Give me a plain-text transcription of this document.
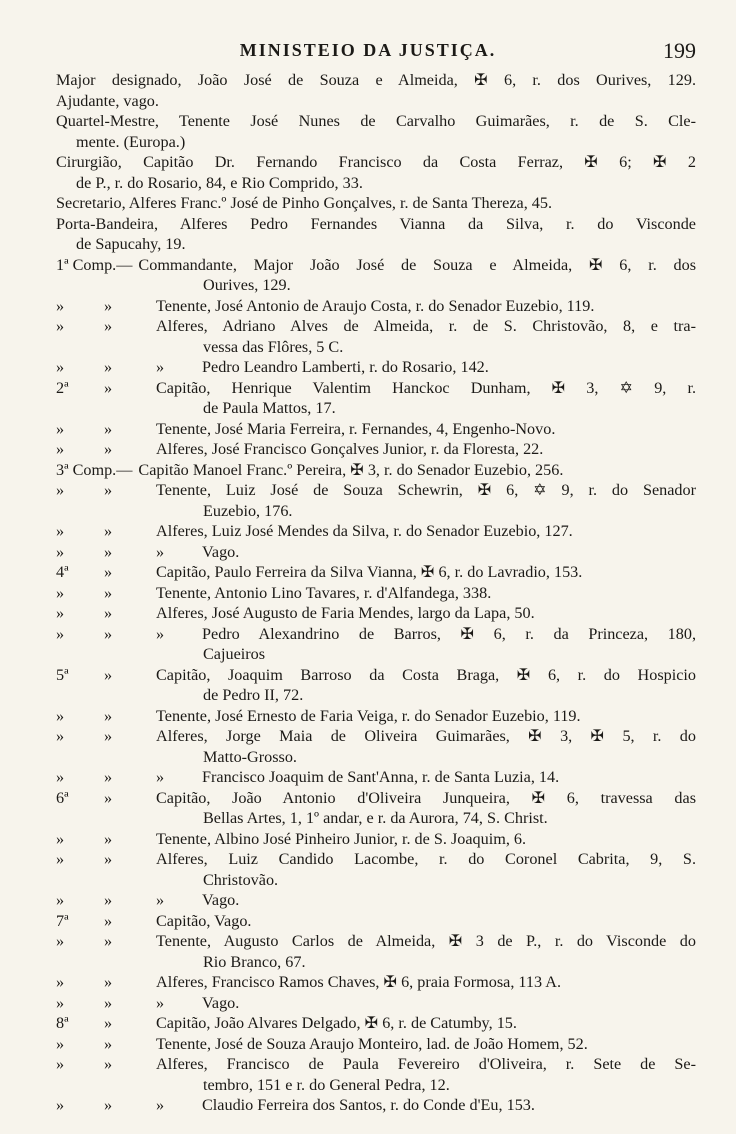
MINISTEIO DA JUSTIÇA.	199
Major designado, João José de Souza e Almeida, ✠ 6, r. dos Ourives, 129.
Ajudante, vago.
Quartel-Mestre, Tenente José Nunes de Carvalho Guimarães, r. de S. Cle-
mente. (Europa.)
Cirurgião, Capitão Dr. Fernando Francisco da Costa Ferraz, ✠ 6; ✠ 2
de P., r. do Rosario, 84, e Rio Comprido, 33.
Secretario, Alferes Franc.º José de Pinho Gonçalves, r. de Santa Thereza, 45.
Porta-Bandeira, Alferes Pedro Fernandes Vianna da Silva, r. do Visconde
de Sapucahy, 19.
1ª Comp.— Commandante, Major João José de Souza e Almeida, ✠ 6, r. dos
Ourives, 129.
»	»	Tenente, José Antonio de Araujo Costa, r. do Senador Euzebio, 119.
»	»	Alferes, Adriano Alves de Almeida, r. de S. Christovão, 8, e tra-
vessa das Flôres, 5 C.
»	»	»	Pedro Leandro Lamberti, r. do Rosario, 142.
2ª	»	Capitão, Henrique Valentim Hanckoc Dunham, ✠ 3, ✡ 9, r.
de Paula Mattos, 17.
»	»	Tenente, José Maria Ferreira, r. Fernandes, 4, Engenho-Novo.
»	»	Alferes, José Francisco Gonçalves Junior, r. da Floresta, 22.
3ª Comp.— Capitão Manoel Franc.º Pereira, ✠ 3, r. do Senador Euzebio, 256.
»	»	Tenente, Luiz José de Souza Schewrin, ✠ 6, ✡ 9, r. do Senador
Euzebio, 176.
»	»	Alferes, Luiz José Mendes da Silva, r. do Senador Euzebio, 127.
»	»	»	Vago.
4ª	»	Capitão, Paulo Ferreira da Silva Vianna, ✠ 6, r. do Lavradio, 153.
»	»	Tenente, Antonio Lino Tavares, r. d'Alfandega, 338.
»	»	Alferes, José Augusto de Faria Mendes, largo da Lapa, 50.
»	»	»	Pedro Alexandrino de Barros, ✠ 6, r. da Princeza, 180,
Cajueiros
5ª	»	Capitão, Joaquim Barroso da Costa Braga, ✠ 6, r. do Hospicio
de Pedro II, 72.
»	»	Tenente, José Ernesto de Faria Veiga, r. do Senador Euzebio, 119.
»	»	Alferes, Jorge Maia de Oliveira Guimarães, ✠ 3, ✠ 5, r. do
Matto-Grosso.
»	»	»	Francisco Joaquim de Sant'Anna, r. de Santa Luzia, 14.
6ª	»	Capitão, João Antonio d'Oliveira Junqueira, ✠ 6, travessa das
Bellas Artes, 1, 1º andar, e r. da Aurora, 74, S. Christ.
»	»	Tenente, Albino José Pinheiro Junior, r. de S. Joaquim, 6.
»	»	Alferes, Luiz Candido Lacombe, r. do Coronel Cabrita, 9, S.
Christovão.
»	»	»	Vago.
7ª	»	Capitão, Vago.
»	»	Tenente, Augusto Carlos de Almeida, ✠ 3 de P., r. do Visconde do
Rio Branco, 67.
»	»	Alferes, Francisco Ramos Chaves, ✠ 6, praia Formosa, 113 A.
»	»	»	Vago.
8ª	»	Capitão, João Alvares Delgado, ✠ 6, r. de Catumby, 15.
»	»	Tenente, José de Souza Araujo Monteiro, lad. de João Homem, 52.
»	»	Alferes, Francisco de Paula Fevereiro d'Oliveira, r. Sete de Se-
tembro, 151 e r. do General Pedra, 12.
»	»	»	Claudio Ferreira dos Santos, r. do Conde d'Eu, 153.
